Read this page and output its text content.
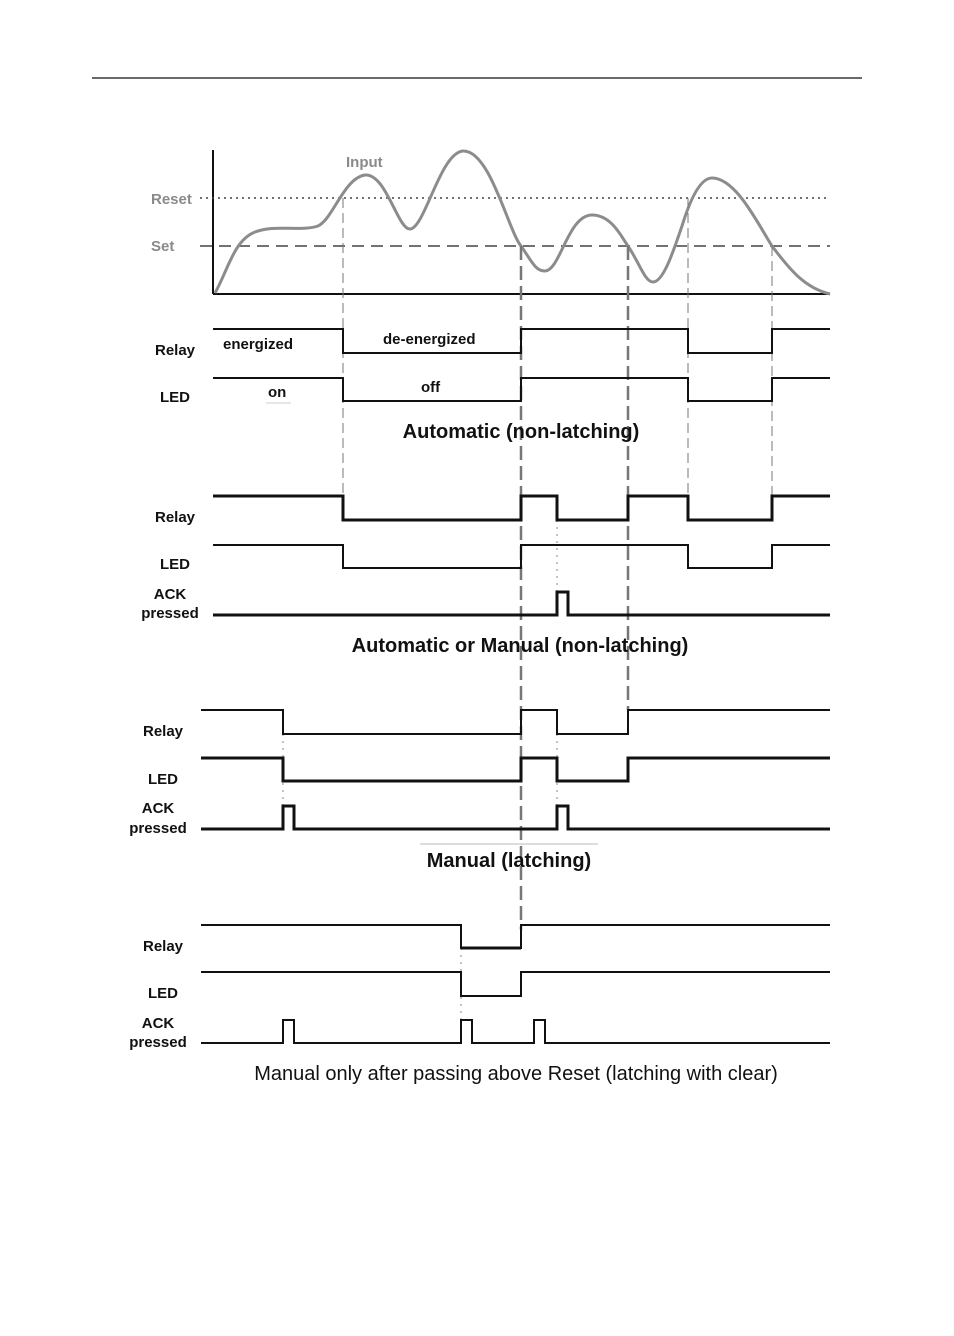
Input
Reset
Set
Relay
LED
energized	de-energized
on	off
Automatic (non-latching)
Relay
LED
ACK
pressed
Automatic or Manual (non-latching)
Relay
LED
ACK
pressed
Manual (latching)
Relay
LED
ACK
pressed
Manual only after passing above Reset (latching with clear)
